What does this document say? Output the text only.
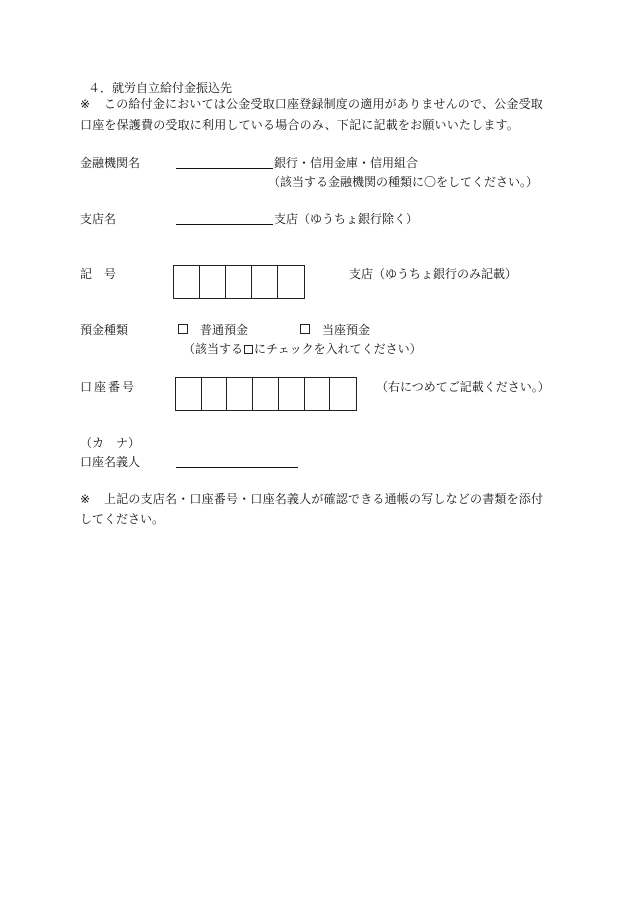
４．就労自立給付金振込先
※ この給付金においては公金受取口座登録制度の適用がありませんので、公金受取
口座を保護費の受取に利用している場合のみ、下記に記載をお願いいたします。
金融機関名	銀行・信用金庫・信用組合
（該当する金融機関の種類に〇をしてください。）
支店名	支店（ゆうちょ銀行除く）
記　号	支店（ゆうちょ銀行のみ記載）
預金種類	普通預金	当座預金
（該当する にチェックを入れてください）
口座番号	（右につめてご記載ください。）
（カ　ナ）
口座名義人
※ 上記の支店名・口座番号・口座名義人が確認できる通帳の写しなどの書類を添付
してください。
